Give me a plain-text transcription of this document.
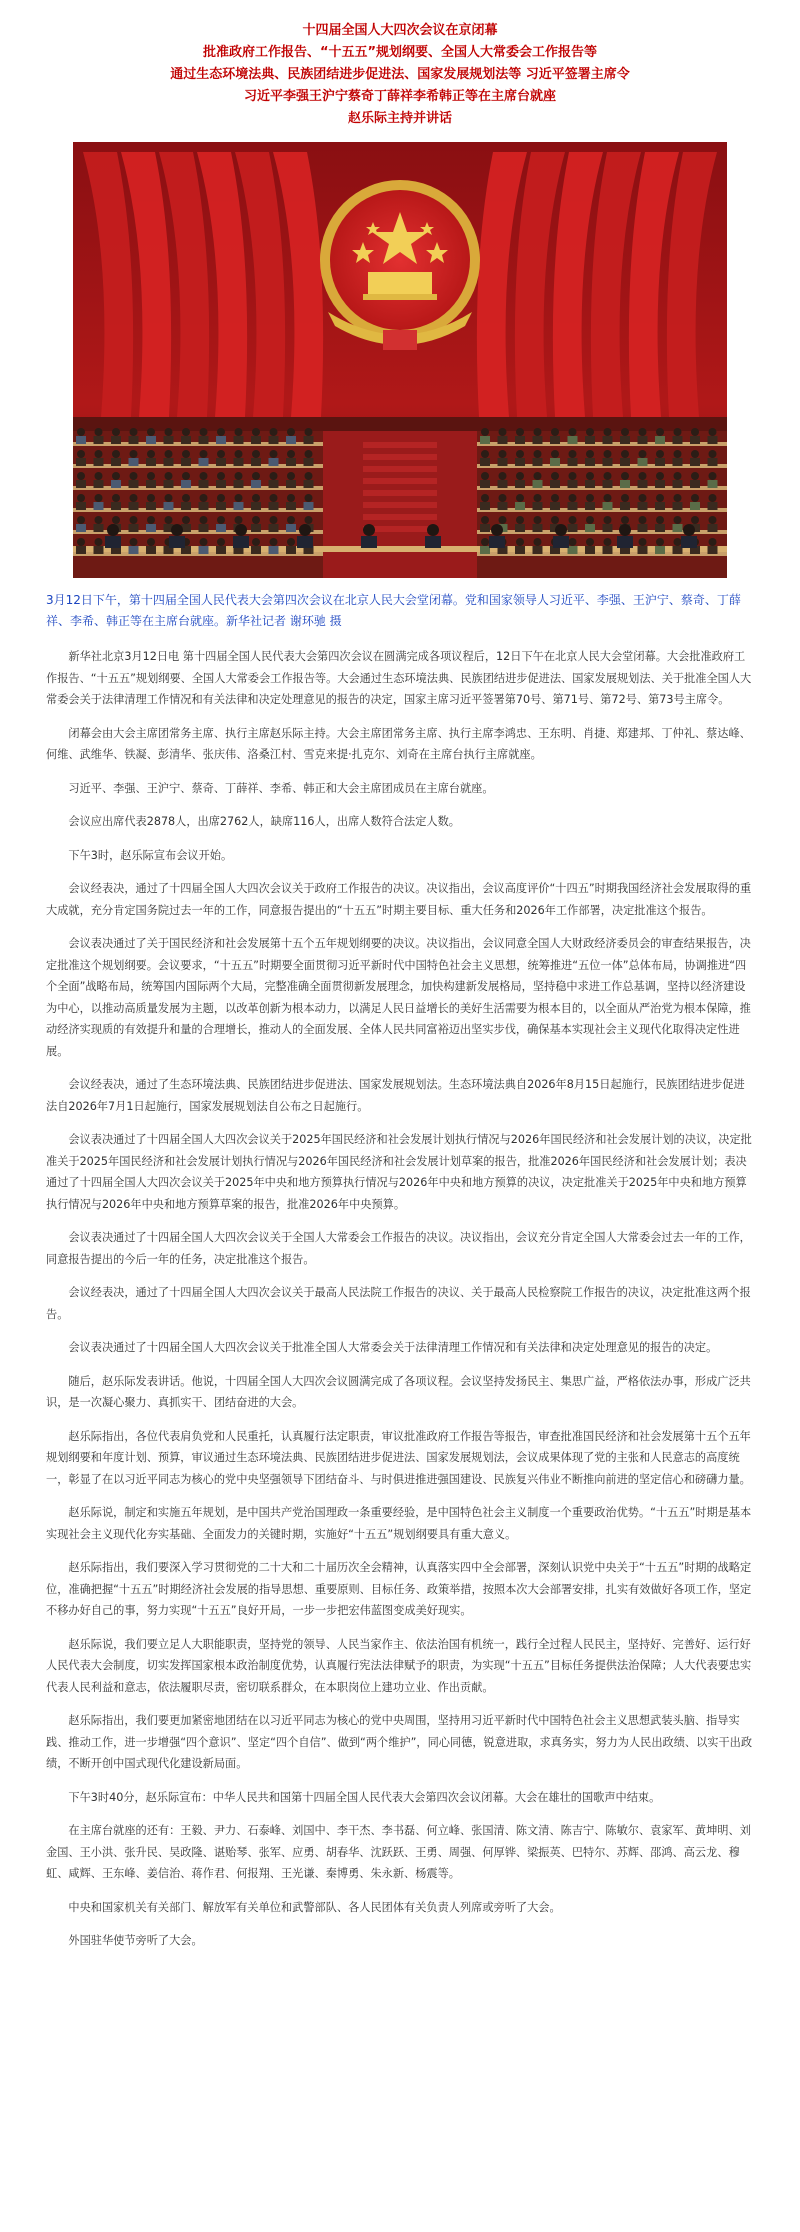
十四届全国人大四次会议在京闭幕
批准政府工作报告、“十五五”规划纲要、全国人大常委会工作报告等
通过生态环境法典、民族团结进步促进法、国家发展规划法等 习近平签署主席令
习近平李强王沪宁蔡奇丁薛祥李希韩正等在主席台就座
赵乐际主持并讲话
3月12日下午，第十四届全国人民代表大会第四次会议在北京人民大会堂闭幕。党和国家领导人习近平、李强、王沪宁、蔡奇、丁薛祥、李希、韩正等在主席台就座。新华社记者 谢环驰 摄

新华社北京3月12日电 第十四届全国人民代表大会第四次会议在圆满完成各项议程后，12日下午在北京人民大会堂闭幕。大会批准政府工作报告、“十五五”规划纲要、全国人大常委会工作报告等。大会通过生态环境法典、民族团结进步促进法、国家发展规划法、关于批准全国人大常委会关于法律清理工作情况和有关法律和决定处理意见的报告的决定，国家主席习近平签署第70号、第71号、第72号、第73号主席令。

闭幕会由大会主席团常务主席、执行主席赵乐际主持。大会主席团常务主席、执行主席李鸿忠、王东明、肖捷、郑建邦、丁仲礼、蔡达峰、何维、武维华、铁凝、彭清华、张庆伟、洛桑江村、雪克来提·扎克尔、刘奇在主席台执行主席就座。

习近平、李强、王沪宁、蔡奇、丁薛祥、李希、韩正和大会主席团成员在主席台就座。

会议应出席代表2878人，出席2762人，缺席116人，出席人数符合法定人数。

下午3时，赵乐际宣布会议开始。

会议经表决，通过了十四届全国人大四次会议关于政府工作报告的决议。决议指出，会议高度评价“十四五”时期我国经济社会发展取得的重大成就，充分肯定国务院过去一年的工作，同意报告提出的“十五五”时期主要目标、重大任务和2026年工作部署，决定批准这个报告。

会议表决通过了关于国民经济和社会发展第十五个五年规划纲要的决议。决议指出，会议同意全国人大财政经济委员会的审查结果报告，决定批准这个规划纲要。会议要求，“十五五”时期要全面贯彻习近平新时代中国特色社会主义思想，统筹推进“五位一体”总体布局，协调推进“四个全面”战略布局，统筹国内国际两个大局，完整准确全面贯彻新发展理念，加快构建新发展格局，坚持稳中求进工作总基调，坚持以经济建设为中心，以推动高质量发展为主题，以改革创新为根本动力，以满足人民日益增长的美好生活需要为根本目的，以全面从严治党为根本保障，推动经济实现质的有效提升和量的合理增长，推动人的全面发展、全体人民共同富裕迈出坚实步伐，确保基本实现社会主义现代化取得决定性进展。

会议经表决，通过了生态环境法典、民族团结进步促进法、国家发展规划法。生态环境法典自2026年8月15日起施行，民族团结进步促进法自2026年7月1日起施行，国家发展规划法自公布之日起施行。

会议表决通过了十四届全国人大四次会议关于2025年国民经济和社会发展计划执行情况与2026年国民经济和社会发展计划的决议，决定批准关于2025年国民经济和社会发展计划执行情况与2026年国民经济和社会发展计划草案的报告，批准2026年国民经济和社会发展计划；表决通过了十四届全国人大四次会议关于2025年中央和地方预算执行情况与2026年中央和地方预算的决议，决定批准关于2025年中央和地方预算执行情况与2026年中央和地方预算草案的报告，批准2026年中央预算。

会议表决通过了十四届全国人大四次会议关于全国人大常委会工作报告的决议。决议指出，会议充分肯定全国人大常委会过去一年的工作，同意报告提出的今后一年的任务，决定批准这个报告。

会议经表决，通过了十四届全国人大四次会议关于最高人民法院工作报告的决议、关于最高人民检察院工作报告的决议，决定批准这两个报告。

会议表决通过了十四届全国人大四次会议关于批准全国人大常委会关于法律清理工作情况和有关法律和决定处理意见的报告的决定。

随后，赵乐际发表讲话。他说，十四届全国人大四次会议圆满完成了各项议程。会议坚持发扬民主、集思广益，严格依法办事，形成广泛共识，是一次凝心聚力、真抓实干、团结奋进的大会。

赵乐际指出，各位代表肩负党和人民重托，认真履行法定职责，审议批准政府工作报告等报告，审查批准国民经济和社会发展第十五个五年规划纲要和年度计划、预算，审议通过生态环境法典、民族团结进步促进法、国家发展规划法，会议成果体现了党的主张和人民意志的高度统一，彰显了在以习近平同志为核心的党中央坚强领导下团结奋斗、与时俱进推进强国建设、民族复兴伟业不断推向前进的坚定信心和磅礴力量。

赵乐际说，制定和实施五年规划，是中国共产党治国理政一条重要经验，是中国特色社会主义制度一个重要政治优势。“十五五”时期是基本实现社会主义现代化夯实基础、全面发力的关键时期，实施好“十五五”规划纲要具有重大意义。

赵乐际指出，我们要深入学习贯彻党的二十大和二十届历次全会精神，认真落实四中全会部署，深刻认识党中央关于“十五五”时期的战略定位，准确把握“十五五”时期经济社会发展的指导思想、重要原则、目标任务、政策举措，按照本次大会部署安排，扎实有效做好各项工作，坚定不移办好自己的事，努力实现“十五五”良好开局，一步一步把宏伟蓝图变成美好现实。

赵乐际说，我们要立足人大职能职责，坚持党的领导、人民当家作主、依法治国有机统一，践行全过程人民民主，坚持好、完善好、运行好人民代表大会制度，切实发挥国家根本政治制度优势，认真履行宪法法律赋予的职责，为实现“十五五”目标任务提供法治保障；人大代表要忠实代表人民利益和意志，依法履职尽责，密切联系群众，在本职岗位上建功立业、作出贡献。

赵乐际指出，我们要更加紧密地团结在以习近平同志为核心的党中央周围，坚持用习近平新时代中国特色社会主义思想武装头脑、指导实践、推动工作，进一步增强“四个意识”、坚定“四个自信”、做到“两个维护”，同心同德，锐意进取，求真务实，努力为人民出政绩、以实干出政绩，不断开创中国式现代化建设新局面。

下午3时40分，赵乐际宣布：中华人民共和国第十四届全国人民代表大会第四次会议闭幕。大会在雄壮的国歌声中结束。

在主席台就座的还有：王毅、尹力、石泰峰、刘国中、李干杰、李书磊、何立峰、张国清、陈文清、陈吉宁、陈敏尔、袁家军、黄坤明、刘金国、王小洪、张升民、吴政隆、谌贻琴、张军、应勇、胡春华、沈跃跃、王勇、周强、何厚铧、梁振英、巴特尔、苏辉、邵鸿、高云龙、穆虹、咸辉、王东峰、姜信治、蒋作君、何报翔、王光谦、秦博勇、朱永新、杨震等。

中央和国家机关有关部门、解放军有关单位和武警部队、各人民团体有关负责人列席或旁听了大会。

外国驻华使节旁听了大会。
